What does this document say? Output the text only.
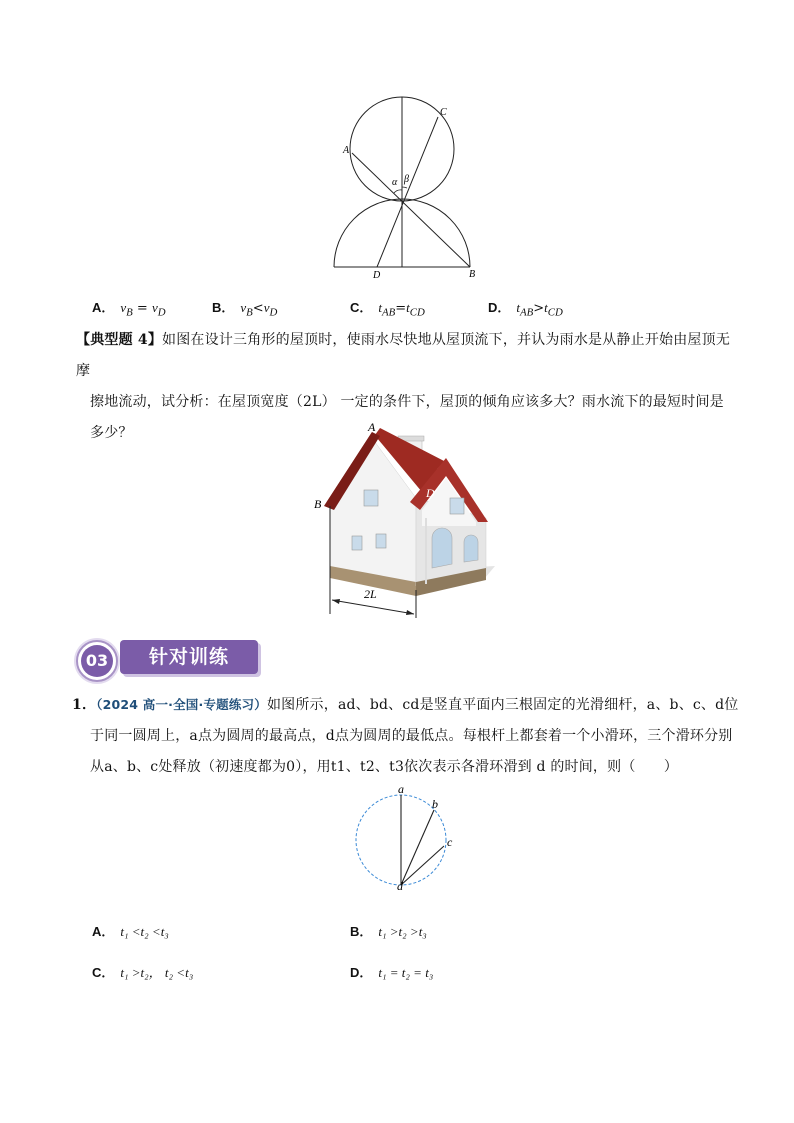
A
C
α β
D	B
A． $v_B = v_D$	B． $v_B<v_D$	C． $t_{AB}=t_{CD}$	D． $t_{AB}>t_{CD}$
【典型题 4】如图在设计三角形的屋顶时，使雨水尽快地从屋顶流下，并认为雨水是从静止开始由屋顶无摩
擦地流动，试分析：在屋顶宽度（2L） 一定的条件下，屋顶的倾角应该多大？雨水流下的最短时间是
多少？	A
B
D
2L
03	针对训练
1．（2024 高一·全国·专题练习）如图所示，ad、bd、cd是竖直平面内三根固定的光滑细杆，a、b、c、d位
于同一圆周上，a点为圆周的最高点，d点为圆周的最低点。每根杆上都套着一个小滑环，三个滑环分别
从a、b、c处释放（初速度都为0），用t1、t2、t3依次表示各滑环滑到 d 的时间，则（　　）
a
b
c
d
A． t₁ <t₂ <t₃	B． t₁ >t₂ >t₃
C． t₁ >t₂， t₂ <t₃	D． t₁ = t₂ = t₃
